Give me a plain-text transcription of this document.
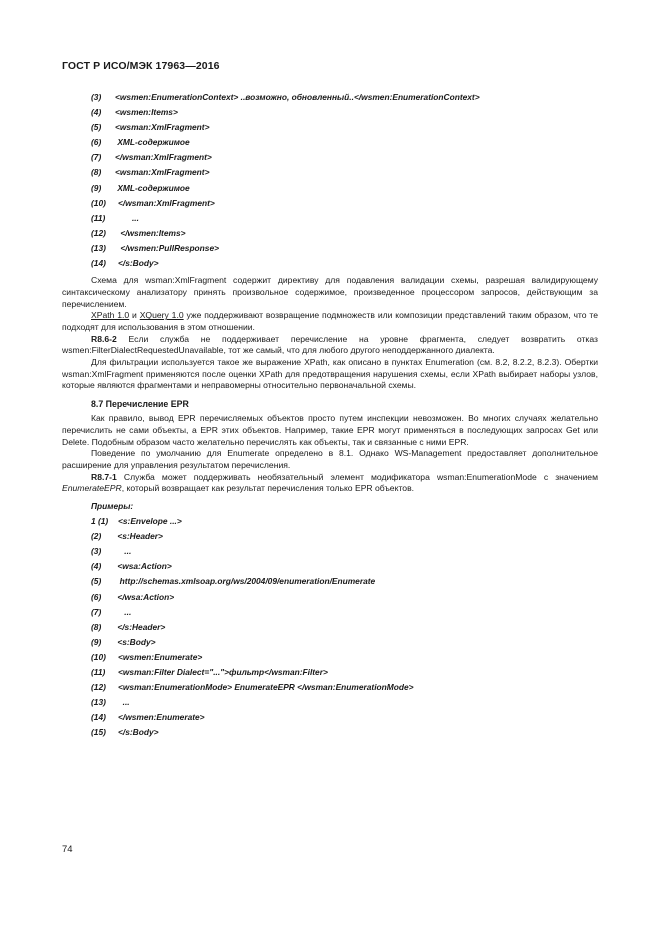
ГОСТ Р ИСО/МЭК 17963—2016
(3) <wsmen:EnumerationContext> ..возможно, обновленный..</wsmen:EnumerationContext>
(4) <wsmen:Items>
(5) <wsman:XmlFragment>
(6) XML-содержимое
(7) </wsman:XmlFragment>
(8) <wsman:XmlFragment>
(9) XML-содержимое
(10) </wsman:XmlFragment>
(11)      ...
(12) </wsmen:Items>
(13) </wsmen:PullResponse>
(14) </s:Body>

Схема для wsman:XmlFragment содержит директиву для подавления валидации схемы, разрешая валидирующему синтаксическому анализатору принять произвольное содержимое, произведенное процессором запросов, действующим за перечислением.

XPath 1.0 и XQuery 1.0 уже поддерживают возвращение подмножеств или композиции представлений таким образом, что те подходят для использования в этом отношении.

R8.6-2 Если служба не поддерживает перечисление на уровне фрагмента, следует возвратить отказ wsmen:FilterDialectRequestedUnavailable, тот же самый, что для любого другого неподдержанного диалекта.

Для фильтрации используется такое же выражение XPath, как описано в пунктах Enumeration (см. 8.2, 8.2.2, 8.2.3). Обертки wsman:XmlFragment применяются после оценки XPath для предотвращения нарушения схемы, если XPath выбирает наборы узлов, которые являются фрагментами и неправомерны относительно первоначальной схемы.

8.7 Перечисление EPR

Как правило, вывод EPR перечисляемых объектов просто путем инспекции невозможен. Во многих случаях желательно перечислить не сами объекты, а EPR этих объектов. Например, такие EPR могут применяться в последующих запросах Get или Delete. Подобным образом часто желательно перечислять как объекты, так и связанные с ними EPR.

Поведение по умолчанию для Enumerate определено в 8.1. Однако WS-Management предоставляет дополнительное расширение для управления результатом перечисления.

R8.7-1 Служба может поддерживать необязательный элемент модификатора wsman:EnumerationMode с значением EnumerateEPR, который возвращает как результат перечисления только EPR объектов.

Примеры:
1 (1) <s:Envelope ...>
(2) <s:Header>
(3)    ...
(4) <wsa:Action>
(5)  http://schemas.xmlsoap.org/ws/2004/09/enumeration/Enumerate
(6) </wsa:Action>
(7)    ...
(8) </s:Header>
(9) <s:Body>
(10) <wsmen:Enumerate>
(11) <wsman:Filter Dialect="...">фильтр</wsman:Filter>
(12) <wsman:EnumerationMode> EnumerateEPR </wsman:EnumerationMode>
(13)  ...
(14) </wsmen:Enumerate>
(15) </s:Body>
74
